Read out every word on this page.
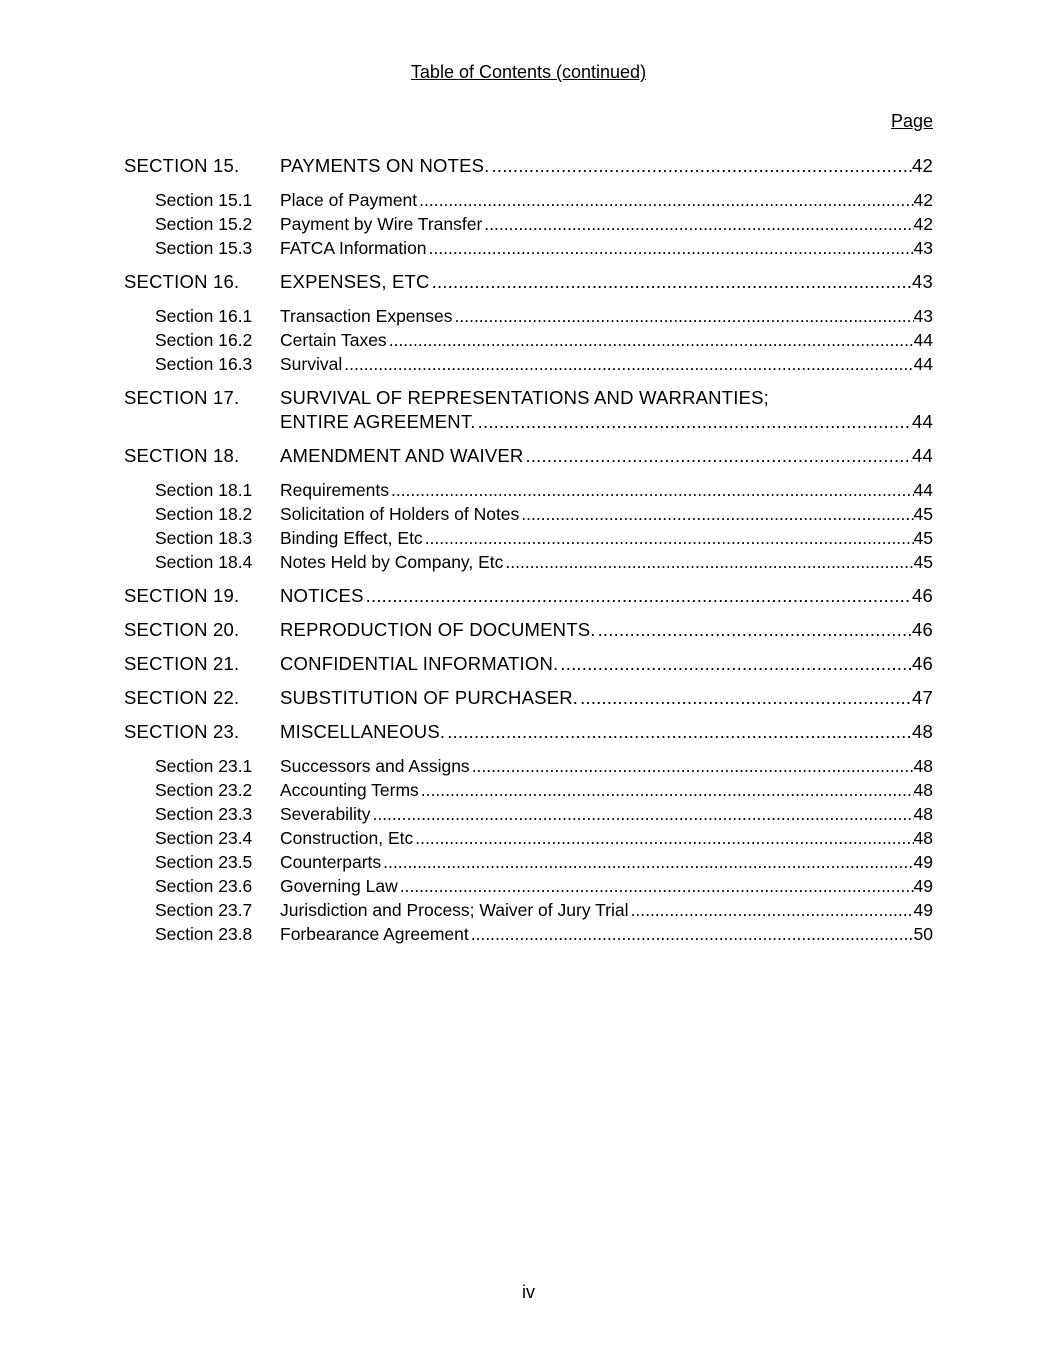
Table of Contents (continued)
Page
SECTION 15.	PAYMENTS ON NOTES. .....	42
Section 15.1	Place of Payment .....	42
Section 15.2	Payment by Wire Transfer .....	42
Section 15.3	FATCA Information .....	43
SECTION 16.	EXPENSES, ETC .....	43
Section 16.1	Transaction Expenses .....	43
Section 16.2	Certain Taxes .....	44
Section 16.3	Survival .....	44
SECTION 17.	SURVIVAL OF REPRESENTATIONS AND WARRANTIES;
ENTIRE AGREEMENT. .....	44
SECTION 18.	AMENDMENT AND WAIVER .....	44
Section 18.1	Requirements .....	44
Section 18.2	Solicitation of Holders of Notes .....	45
Section 18.3	Binding Effect, Etc .....	45
Section 18.4	Notes Held by Company, Etc .....	45
SECTION 19.	NOTICES .....	46
SECTION 20.	REPRODUCTION OF DOCUMENTS. .....	46
SECTION 21.	CONFIDENTIAL INFORMATION. .....	46
SECTION 22.	SUBSTITUTION OF PURCHASER. .....	47
SECTION 23.	MISCELLANEOUS. .....	48
Section 23.1	Successors and Assigns .....	48
Section 23.2	Accounting Terms .....	48
Section 23.3	Severability .....	48
Section 23.4	Construction, Etc .....	48
Section 23.5	Counterparts .....	49
Section 23.6	Governing Law .....	49
Section 23.7	Jurisdiction and Process; Waiver of Jury Trial .....	49
Section 23.8	Forbearance Agreement .....	50
iv
